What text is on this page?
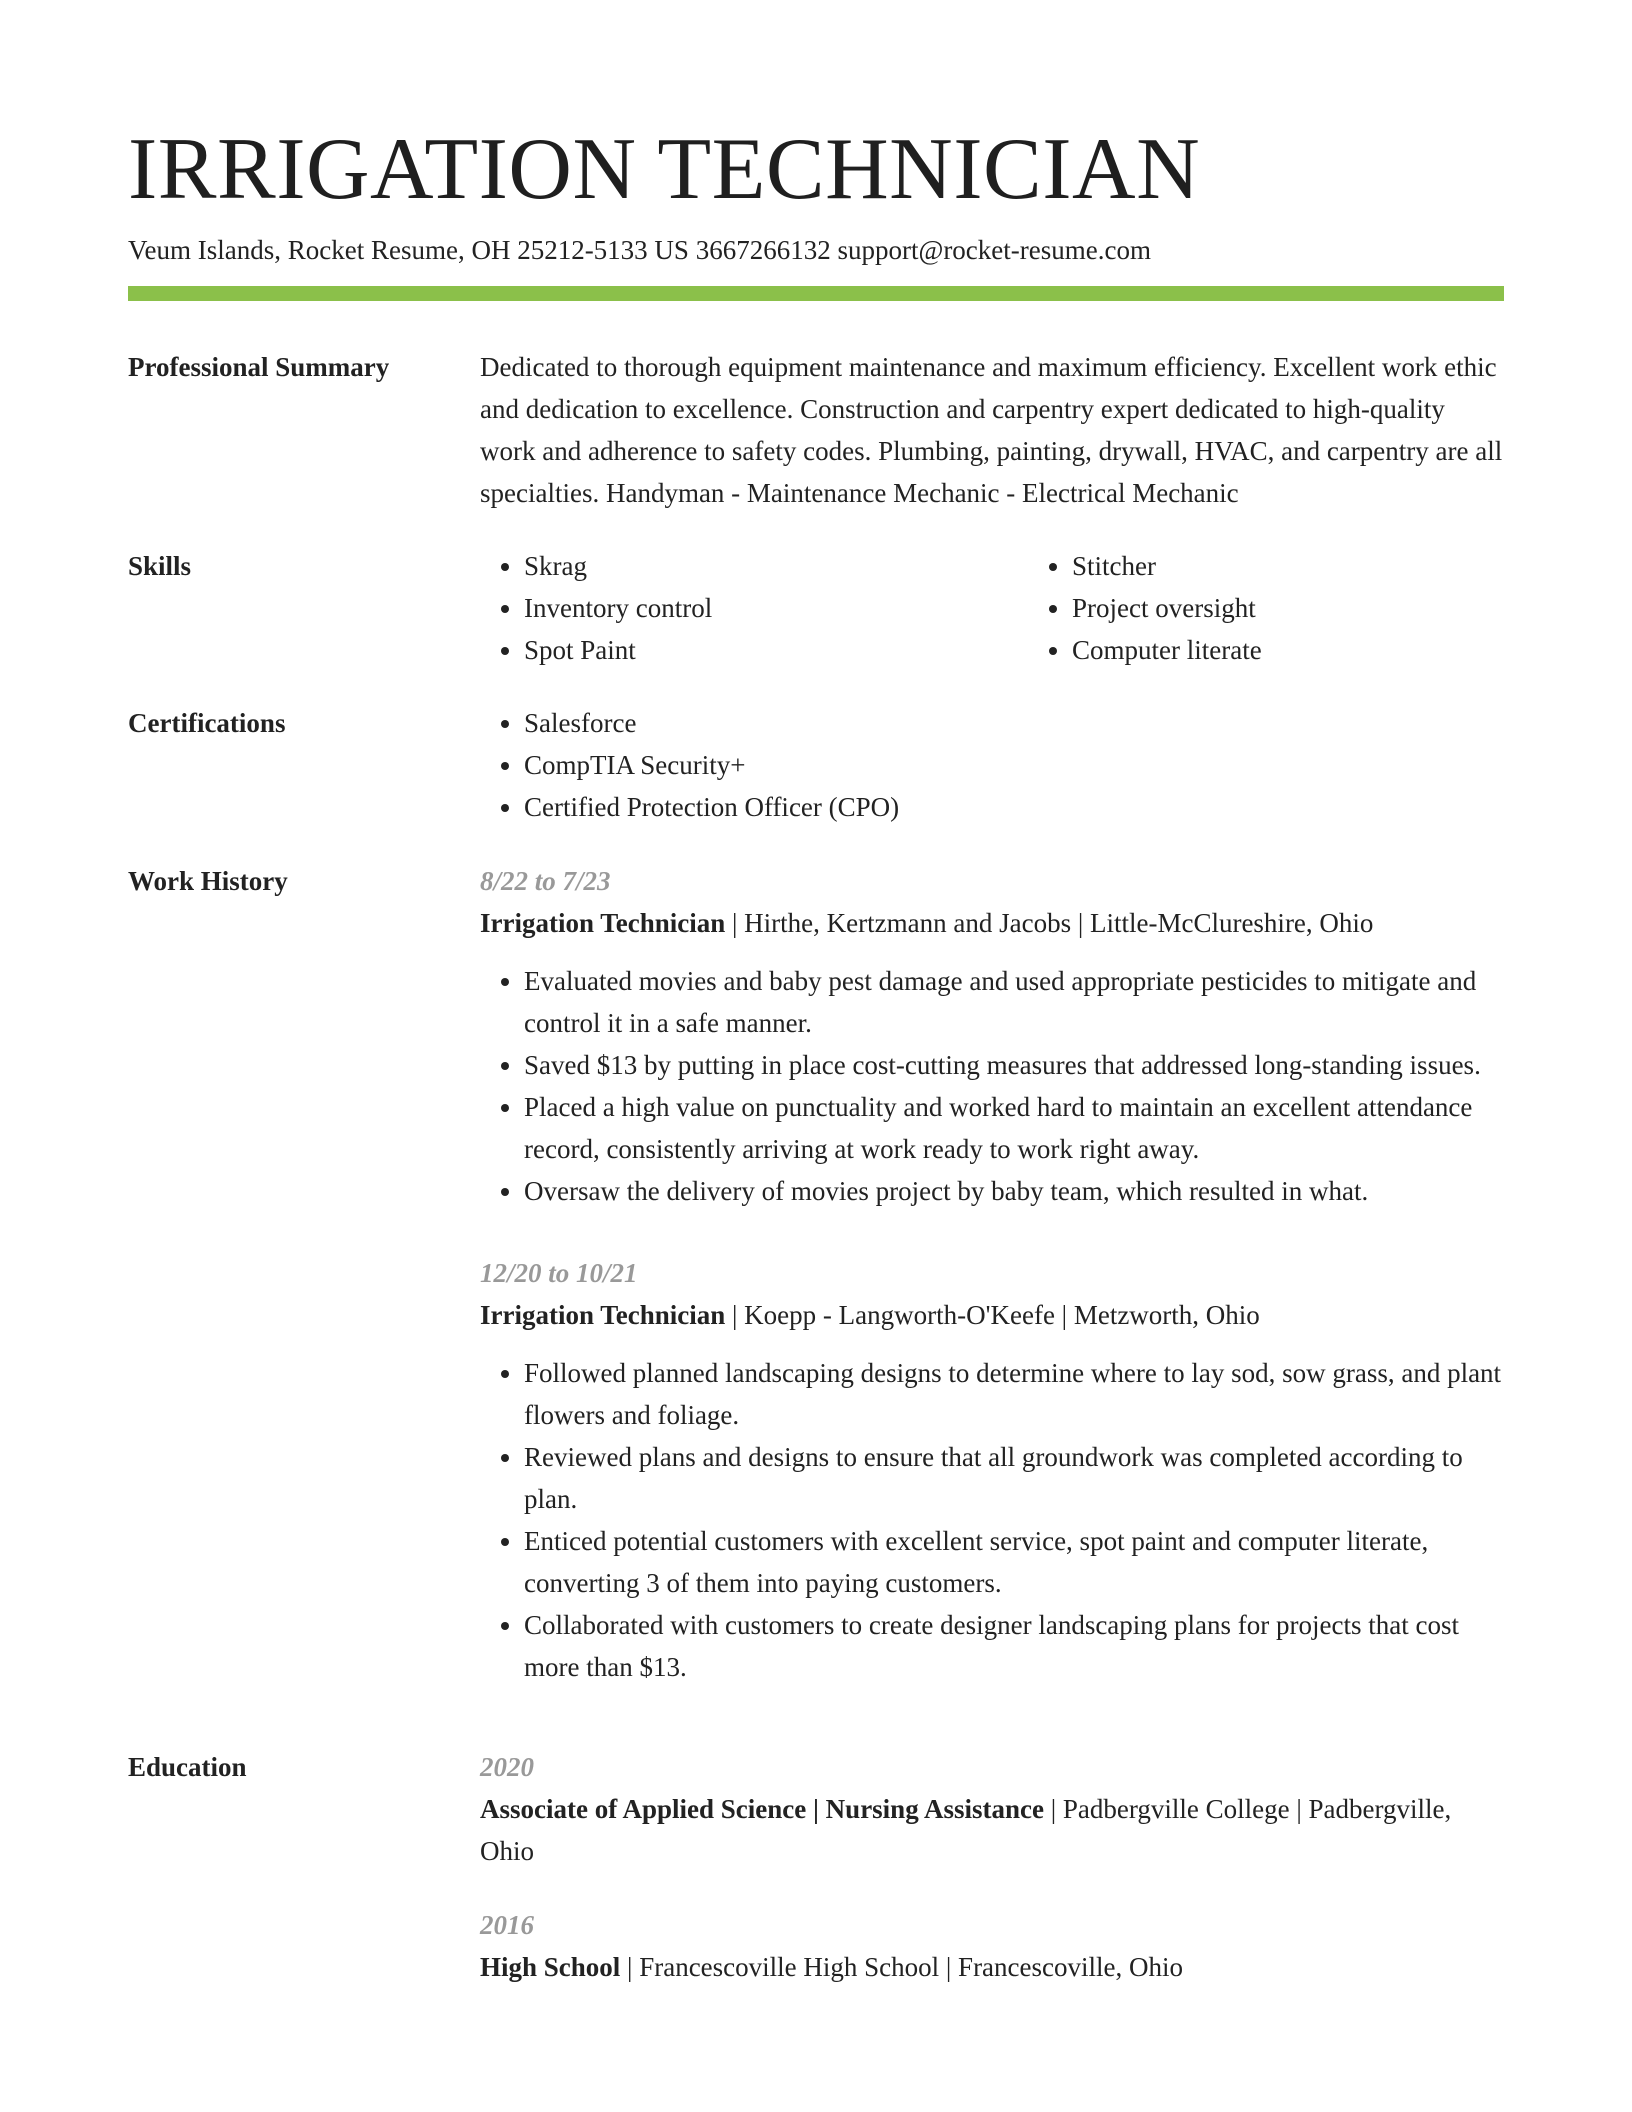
IRRIGATION TECHNICIAN
Veum Islands, Rocket Resume, OH 25212-5133 US 3667266132 support@rocket-resume.com
Professional Summary	Dedicated to thorough equipment maintenance and maximum efficiency. Excellent work ethic and dedication to excellence. Construction and carpentry expert dedicated to high-quality work and adherence to safety codes. Plumbing, painting, drywall, HVAC, and carpentry are all specialties. Handyman - Maintenance Mechanic - Electrical Mechanic

Skills	• Skrag
• Inventory control
• Spot Paint
• Stitcher
• Project oversight
• Computer literate
Certifications	• Salesforce
• CompTIA Security+
• Certified Protection Officer (CPO)
Work History	8/22 to 7/23

Irrigation Technician | Hirthe, Kertzmann and Jacobs | Little-McClureshire, Ohio

• Evaluated movies and baby pest damage and used appropriate pesticides to mitigate and control it in a safe manner.
• Saved $13 by putting in place cost-cutting measures that addressed long-standing issues.
• Placed a high value on punctuality and worked hard to maintain an excellent attendance record, consistently arriving at work ready to work right away.
• Oversaw the delivery of movies project by baby team, which resulted in what.

12/20 to 10/21

Irrigation Technician | Koepp - Langworth-O'Keefe | Metzworth, Ohio

• Followed planned landscaping designs to determine where to lay sod, sow grass, and plant flowers and foliage.
• Reviewed plans and designs to ensure that all groundwork was completed according to plan.
• Enticed potential customers with excellent service, spot paint and computer literate, converting 3 of them into paying customers.
• Collaborated with customers to create designer landscaping plans for projects that cost more than $13.
Education	2020

Associate of Applied Science | Nursing Assistance | Padbergville College | Padbergville, Ohio

2016

High School | Francescoville High School | Francescoville, Ohio
